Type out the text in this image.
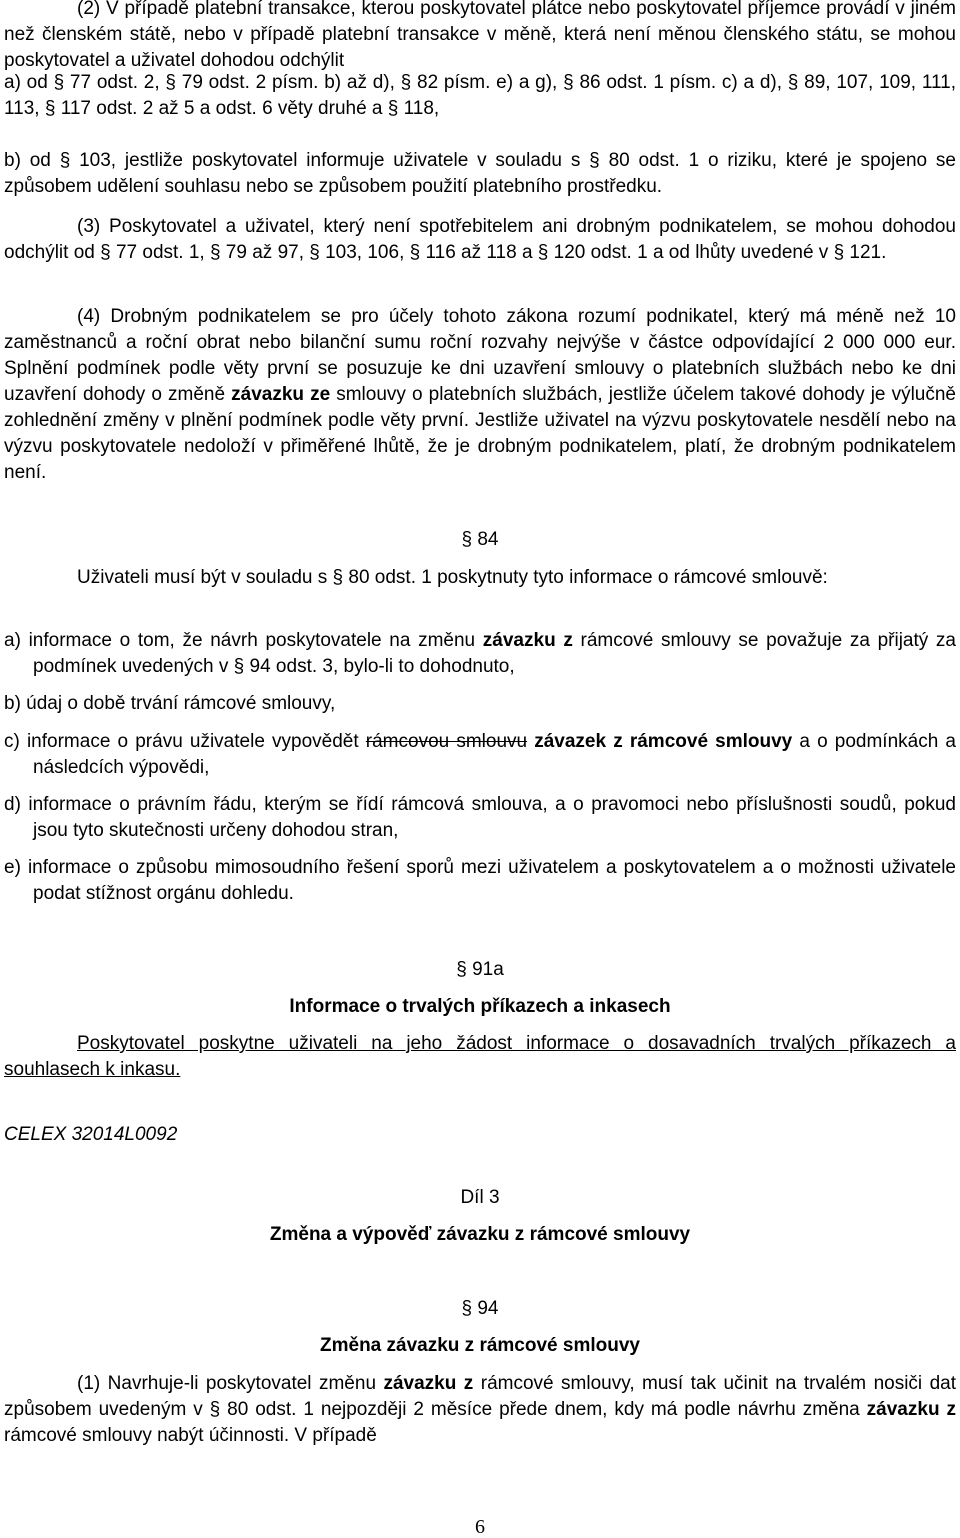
(2) V případě platební transakce, kterou poskytovatel plátce nebo poskytovatel příjemce provádí v jiném než členském státě, nebo v případě platební transakce v měně, která není měnou členského státu, se mohou poskytovatel a uživatel dohodou odchýlit

a) od § 77 odst. 2, § 79 odst. 2 písm. b) až d), § 82 písm. e) a g), § 86 odst. 1 písm. c) a d), § 89, 107, 109, 111, 113, § 117 odst. 2 až 5 a odst. 6 věty druhé a § 118,

b) od § 103, jestliže poskytovatel informuje uživatele v souladu s § 80 odst. 1 o riziku, které je spojeno se způsobem udělení souhlasu nebo se způsobem použití platebního prostředku.

(3) Poskytovatel a uživatel, který není spotřebitelem ani drobným podnikatelem, se mohou dohodou odchýlit od § 77 odst. 1, § 79 až 97, § 103, 106, § 116 až 118 a § 120 odst. 1 a od lhůty uvedené v § 121.

(4) Drobným podnikatelem se pro účely tohoto zákona rozumí podnikatel, který má méně než 10 zaměstnanců a roční obrat nebo bilanční sumu roční rozvahy nejvýše v částce odpovídající 2 000 000 eur. Splnění podmínek podle věty první se posuzuje ke dni uzavření smlouvy o platebních službách nebo ke dni uzavření dohody o změně závazku ze smlouvy o platebních službách, jestliže účelem takové dohody je výlučně zohlednění změny v plnění podmínek podle věty první. Jestliže uživatel na výzvu poskytovatele nesdělí nebo na výzvu poskytovatele nedoloží v přiměřené lhůtě, že je drobným podnikatelem, platí, že drobným podnikatelem není.

§ 84

Uživateli musí být v souladu s § 80 odst. 1 poskytnuty tyto informace o rámcové smlouvě:

a) informace o tom, že návrh poskytovatele na změnu závazku z rámcové smlouvy se považuje za přijatý za podmínek uvedených v § 94 odst. 3, bylo-li to dohodnuto,

b) údaj o době trvání rámcové smlouvy,

c) informace o právu uživatele vypovědět rámcovou smlouvu závazek z rámcové smlouvy a o podmínkách a následcích výpovědi,

d) informace o právním řádu, kterým se řídí rámcová smlouva, a o pravomoci nebo příslušnosti soudů, pokud jsou tyto skutečnosti určeny dohodou stran,

e) informace o způsobu mimosoudního řešení sporů mezi uživatelem a poskytovatelem a o možnosti uživatele podat stížnost orgánu dohledu.

§ 91a

Informace o trvalých příkazech a inkasech

Poskytovatel poskytne uživateli na jeho žádost informace o dosavadních trvalých příkazech a souhlasech k inkasu.

CELEX 32014L0092

Díl 3

Změna a výpověď závazku z rámcové smlouvy

§ 94

Změna závazku z rámcové smlouvy

(1) Navrhuje-li poskytovatel změnu závazku z rámcové smlouvy, musí tak učinit na trvalém nosiči dat způsobem uvedeným v § 80 odst. 1 nejpozději 2 měsíce přede dnem, kdy má podle návrhu změna závazku z rámcové smlouvy nabýt účinnosti. V případě

6
